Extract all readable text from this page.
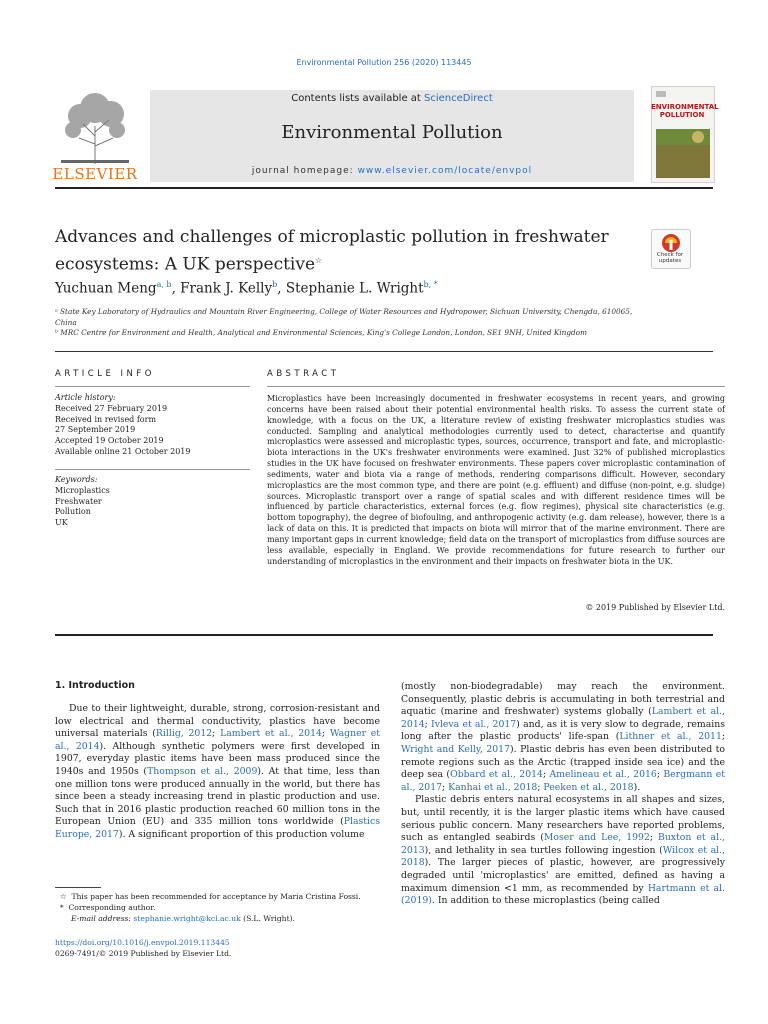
Environmental Pollution 256 (2020) 113445
ELSEVIER
Contents lists available at ScienceDirect
Environmental Pollution
journal homepage: www.elsevier.com/locate/envpol
ENVIRONMENTAL POLLUTION
Advances and challenges of microplastic pollution in freshwater
ecosystems: A UK perspective☆
Check for updates
Yuchuan Meng$^{a, b}$, Frank J. Kelly$^b$, Stephanie L. Wright$^{b, *}$
ᵃ State Key Laboratory of Hydraulics and Mountain River Engineering, College of Water Resources and Hydropower, Sichuan University, Chengdu, 610065,
China
ᵇ MRC Centre for Environment and Health, Analytical and Environmental Sciences, King's College London, London, SE1 9NH, United Kingdom
ARTICLE INFO
Article history:
Received 27 February 2019
Received in revised form
27 September 2019
Accepted 19 October 2019
Available online 21 October 2019
Keywords:
Microplastics
Freshwater
Pollution
UK
ABSTRACT
Microplastics have been increasingly documented in freshwater ecosystems in recent years, and growing concerns have been raised about their potential environmental health risks. To assess the current state of knowledge, with a focus on the UK, a literature review of existing freshwater microplastics studies was conducted. Sampling and analytical methodologies currently used to detect, characterise and quantify microplastics were assessed and microplastic types, sources, occurrence, transport and fate, and microplastic-biota interactions in the UK's freshwater environments were examined. Just 32% of published microplastics studies in the UK have focused on freshwater environments. These papers cover microplastic contamination of sediments, water and biota via a range of methods, rendering comparisons difficult. However, secondary microplastics are the most common type, and there are point (e.g. effluent) and diffuse (non-point, e.g. sludge) sources. Microplastic transport over a range of spatial scales and with different residence times will be influenced by particle characteristics, external forces (e.g. flow regimes), physical site characteristics (e.g. bottom topography), the degree of biofouling, and anthropogenic activity (e.g. dam release), however, there is a lack of data on this. It is predicted that impacts on biota will mirror that of the marine environment. There are many important gaps in current knowledge; field data on the transport of microplastics from diffuse sources are less available, especially in England. We provide recommendations for future research to further our understanding of microplastics in the environment and their impacts on freshwater biota in the UK.
© 2019 Published by Elsevier Ltd.
1. Introduction

Due to their lightweight, durable, strong, corrosion-resistant and low electrical and thermal conductivity, plastics have become universal materials (Rillig, 2012; Lambert et al., 2014; Wagner et al., 2014). Although synthetic polymers were first developed in 1907, everyday plastic items have been mass produced since the 1940s and 1950s (Thompson et al., 2009). At that time, less than one million tons were produced annually in the world, but there has since been a steady increasing trend in plastic production and use. Such that in 2016 plastic production reached 60 million tons in the European Union (EU) and 335 million tons worldwide (Plastics Europe, 2017). A significant proportion of this production volume

(mostly non-biodegradable) may reach the environment. Consequently, plastic debris is accumulating in both terrestrial and aquatic (marine and freshwater) systems globally (Lambert et al., 2014; Ivleva et al., 2017) and, as it is very slow to degrade, remains long after the plastic products' life-span (Lithner et al., 2011; Wright and Kelly, 2017). Plastic debris has even been distributed to remote regions such as the Arctic (trapped inside sea ice) and the deep sea (Obbard et al., 2014; Amelineau et al., 2016; Bergmann et al., 2017; Kanhai et al., 2018; Peeken et al., 2018).

Plastic debris enters natural ecosystems in all shapes and sizes, but, until recently, it is the larger plastic items which have caused serious public concern. Many researchers have reported problems, such as entangled seabirds (Moser and Lee, 1992; Buxton et al., 2013), and lethality in sea turtles following ingestion (Wilcox et al., 2018). The larger pieces of plastic, however, are progressively degraded until 'microplastics' are emitted, defined as having a maximum dimension <1 mm, as recommended by Hartmann et al. (2019). In addition to these microplastics (being called

☆  This paper has been recommended for acceptance by Maria Cristina Fossi.
*  Corresponding author.
E-mail address: stephanie.wright@kcl.ac.uk (S.L. Wright).
https://doi.org/10.1016/j.envpol.2019.113445
0269-7491/© 2019 Published by Elsevier Ltd.
